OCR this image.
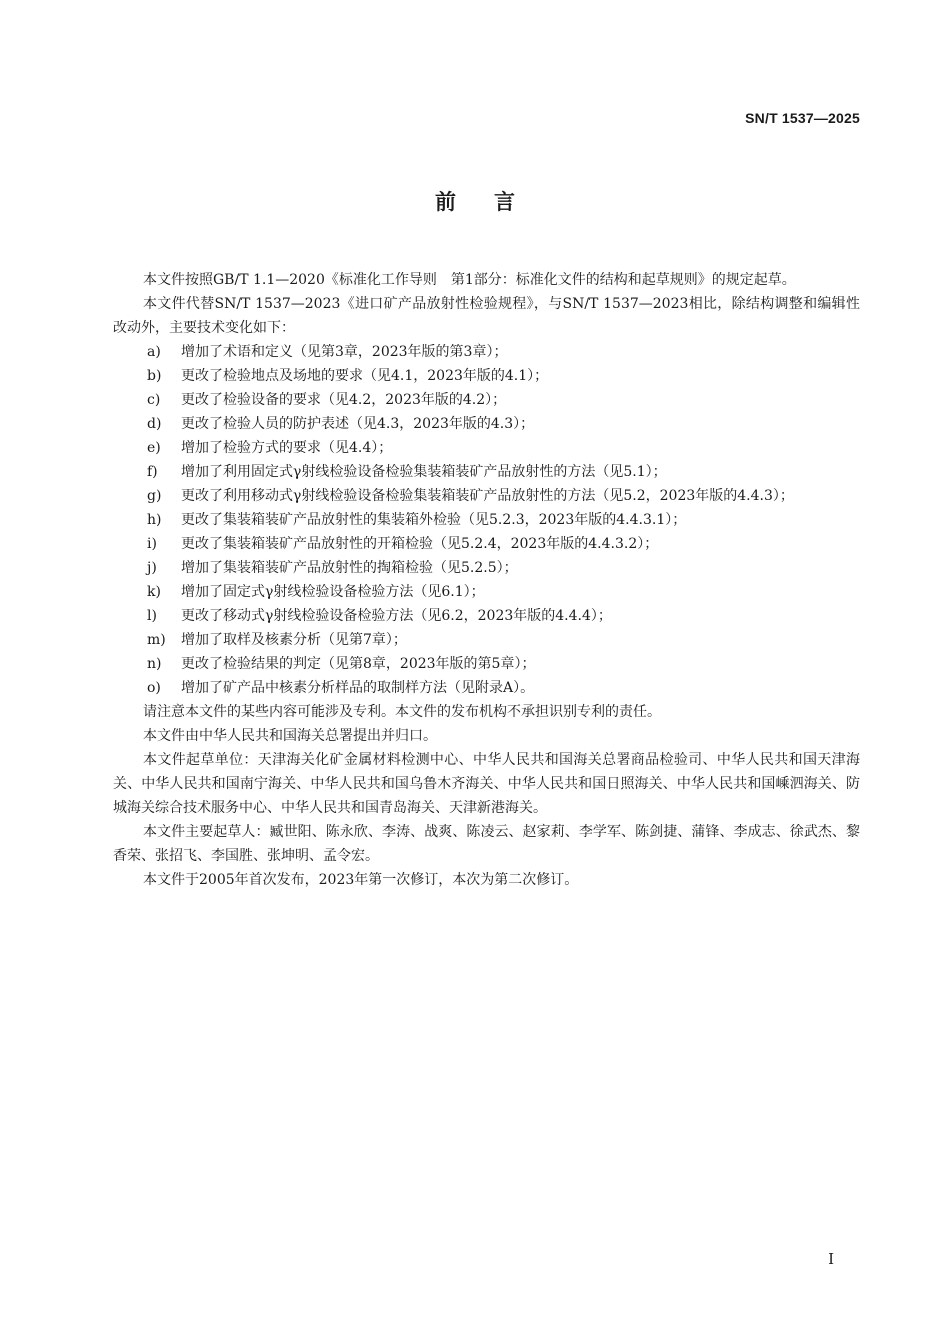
SN/T 1537—2025
前言

本文件按照GB/T 1.1—2020《标准化工作导则　第1部分：标准化文件的结构和起草规则》的规定起草。

本文件代替SN/T 1537—2023《进口矿产品放射性检验规程》，与SN/T 1537—2023相比，除结构调整和编辑性改动外，主要技术变化如下：

a) 增加了术语和定义（见第3章，2023年版的第3章）；
b) 更改了检验地点及场地的要求（见4.1，2023年版的4.1）；
c) 更改了检验设备的要求（见4.2，2023年版的4.2）；
d) 更改了检验人员的防护表述（见4.3，2023年版的4.3）；
e) 增加了检验方式的要求（见4.4）；
f) 增加了利用固定式γ射线检验设备检验集装箱装矿产品放射性的方法（见5.1）；
g) 更改了利用移动式γ射线检验设备检验集装箱装矿产品放射性的方法（见5.2，2023年版的4.4.3）；
h) 更改了集装箱装矿产品放射性的集装箱外检验（见5.2.3，2023年版的4.4.3.1）；
i) 更改了集装箱装矿产品放射性的开箱检验（见5.2.4，2023年版的4.4.3.2）；
j) 增加了集装箱装矿产品放射性的掏箱检验（见5.2.5）；
k) 增加了固定式γ射线检验设备检验方法（见6.1）；
l) 更改了移动式γ射线检验设备检验方法（见6.2，2023年版的4.4.4）；
m) 增加了取样及核素分析（见第7章）；
n) 更改了检验结果的判定（见第8章，2023年版的第5章）；
o) 增加了矿产品中核素分析样品的取制样方法（见附录A）。

请注意本文件的某些内容可能涉及专利。本文件的发布机构不承担识别专利的责任。

本文件由中华人民共和国海关总署提出并归口。

本文件起草单位：天津海关化矿金属材料检测中心、中华人民共和国海关总署商品检验司、中华人民共和国天津海关、中华人民共和国南宁海关、中华人民共和国乌鲁木齐海关、中华人民共和国日照海关、中华人民共和国嵊泗海关、防城海关综合技术服务中心、中华人民共和国青岛海关、天津新港海关。

本文件主要起草人：臧世阳、陈永欣、李涛、战爽、陈凌云、赵家莉、李学军、陈剑捷、蒲锋、李成志、徐武杰、黎香荣、张招飞、李国胜、张坤明、孟令宏。

本文件于2005年首次发布，2023年第一次修订，本次为第二次修订。

I
